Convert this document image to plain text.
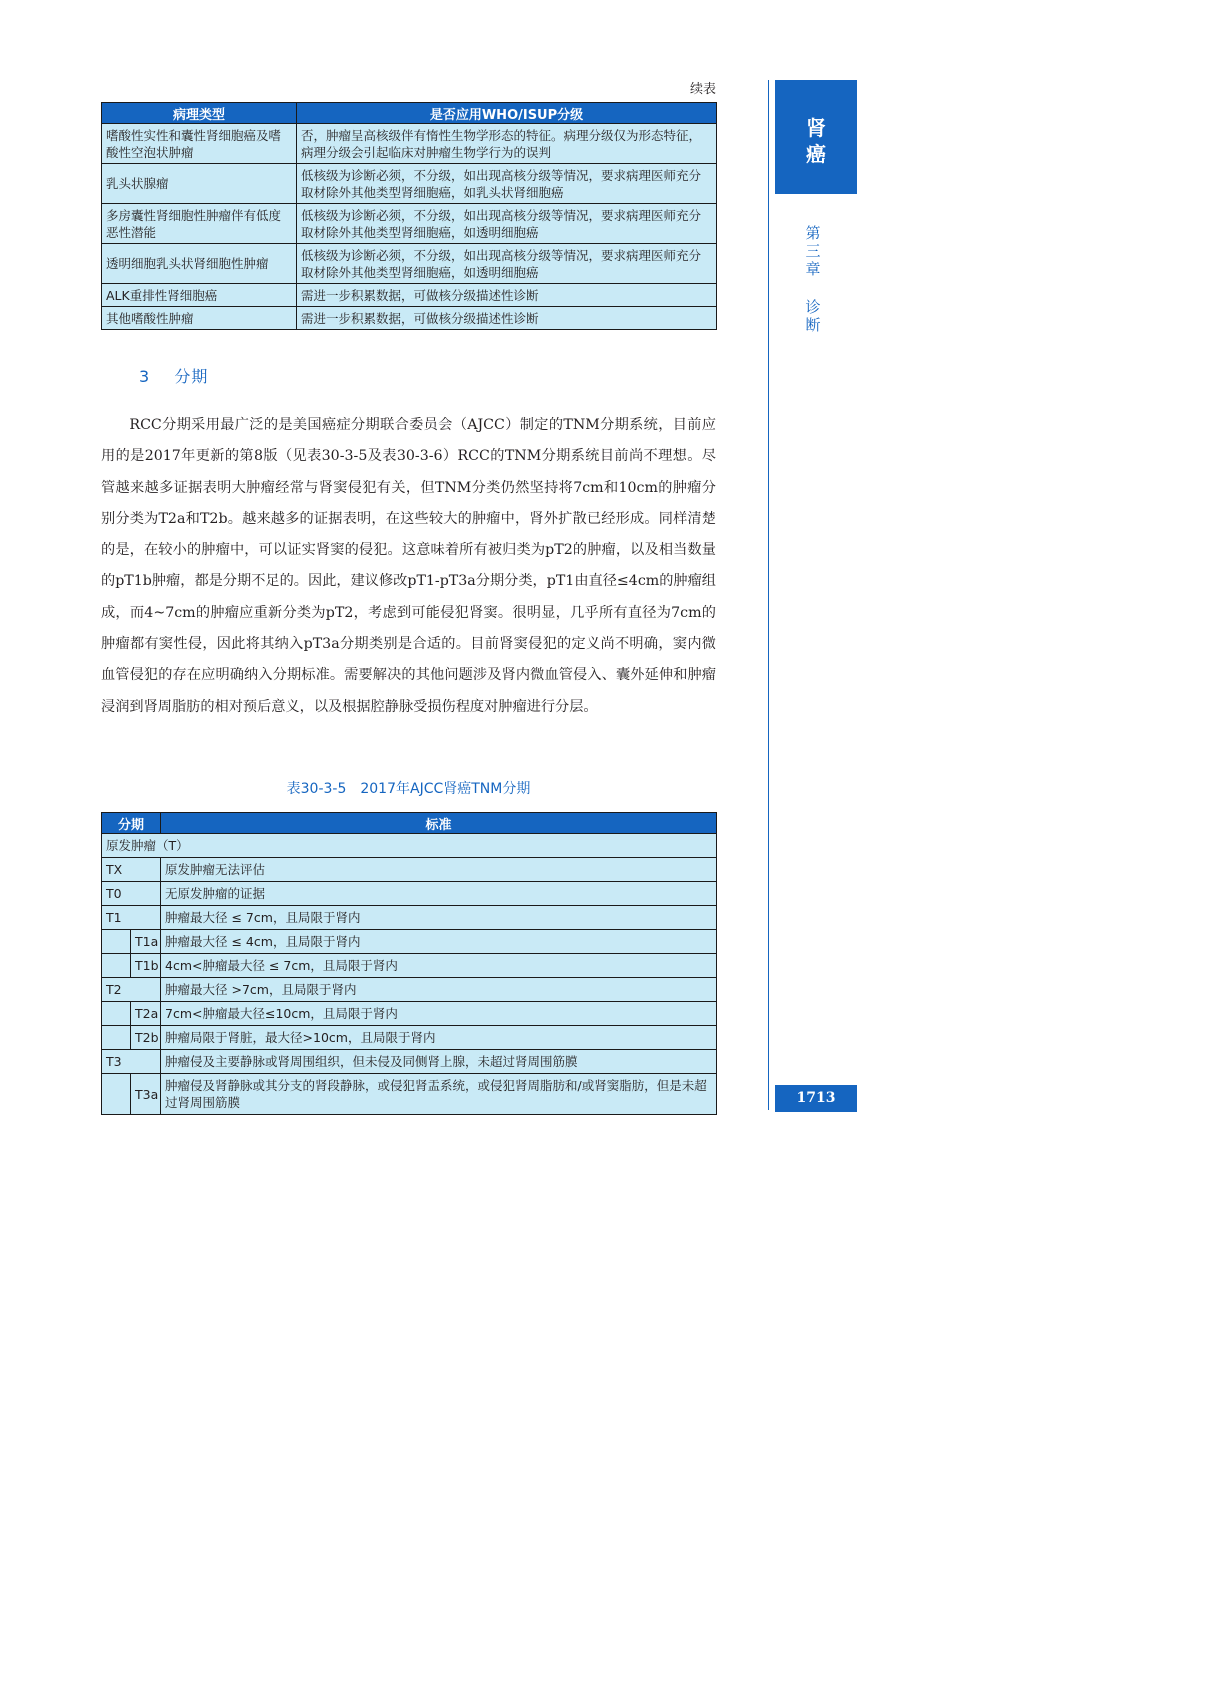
续表
病理类型	是否应用WHO/ISUP分级
嗜酸性实性和囊性肾细胞癌及嗜酸性空泡状肿瘤	否，肿瘤呈高核级伴有惰性生物学形态的特征。病理分级仅为形态特征，病理分级会引起临床对肿瘤生物学行为的误判
乳头状腺瘤	低核级为诊断必须，不分级，如出现高核分级等情况，要求病理医师充分取材除外其他类型肾细胞癌，如乳头状肾细胞癌
多房囊性肾细胞性肿瘤伴有低度恶性潜能	低核级为诊断必须，不分级，如出现高核分级等情况，要求病理医师充分取材除外其他类型肾细胞癌，如透明细胞癌
透明细胞乳头状肾细胞性肿瘤	低核级为诊断必须，不分级，如出现高核分级等情况，要求病理医师充分取材除外其他类型肾细胞癌，如透明细胞癌
ALK重排性肾细胞癌	需进一步积累数据，可做核分级描述性诊断
其他嗜酸性肿瘤	需进一步积累数据，可做核分级描述性诊断
3 分期

RCC分期采用最广泛的是美国癌症分期联合委员会（AJCC）制定的TNM分期系统，目前应用的是2017年更新的第8版（见表30-3-5及表30-3-6）RCC的TNM分期系统目前尚不理想。尽管越来越多证据表明大肿瘤经常与肾窦侵犯有关，但TNM分类仍然坚持将7cm和10cm的肿瘤分别分类为T2a和T2b。越来越多的证据表明，在这些较大的肿瘤中，肾外扩散已经形成。同样清楚的是，在较小的肿瘤中，可以证实肾窦的侵犯。这意味着所有被归类为pT2的肿瘤，以及相当数量的pT1b肿瘤，都是分期不足的。因此，建议修改pT1-pT3a分期分类，pT1由直径≤4cm的肿瘤组成，而4~7cm的肿瘤应重新分类为pT2，考虑到可能侵犯肾窦。很明显，几乎所有直径为7cm的肿瘤都有窦性侵，因此将其纳入pT3a分期类别是合适的。目前肾窦侵犯的定义尚不明确，窦内微血管侵犯的存在应明确纳入分期标准。需要解决的其他问题涉及肾内微血管侵入、囊外延伸和肿瘤浸润到肾周脂肪的相对预后意义，以及根据腔静脉受损伤程度对肿瘤进行分层。

表30-3-5　2017年AJCC肾癌TNM分期
分期		标准
原发肿瘤（T）		
TX		原发肿瘤无法评估
T0		无原发肿瘤的证据
T1		肿瘤最大径 ≤ 7cm，且局限于肾内
	T1a	肿瘤最大径 ≤ 4cm，且局限于肾内
	T1b	4cm<肿瘤最大径 ≤ 7cm，且局限于肾内
T2		肿瘤最大径 >7cm，且局限于肾内
	T2a	7cm<肿瘤最大径≤10cm，且局限于肾内
	T2b	肿瘤局限于肾脏，最大径>10cm，且局限于肾内
T3		肿瘤侵及主要静脉或肾周围组织，但未侵及同侧肾上腺，未超过肾周围筋膜
	T3a	肿瘤侵及肾静脉或其分支的肾段静脉，或侵犯肾盂系统，或侵犯肾周脂肪和/或肾窦脂肪，但是未超过肾周围筋膜
肾
癌
第
三
章
诊
断
1713
